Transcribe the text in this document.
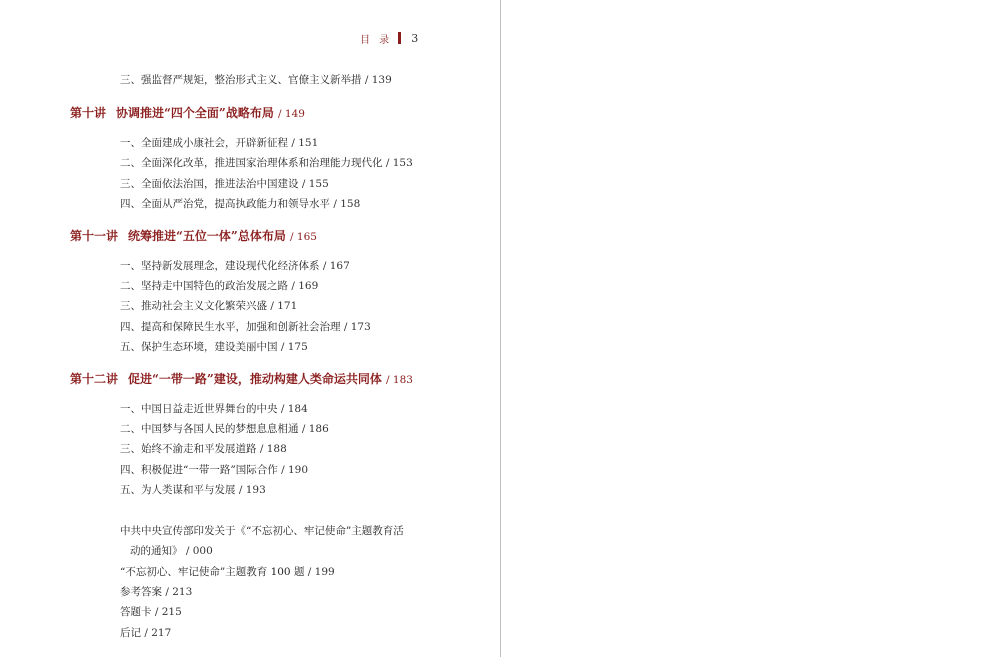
目 录 3
三、强监督严规矩，整治形式主义、官僚主义新举措 / 139
第十讲 协调推进“四个全面”战略布局 / 149
一、全面建成小康社会，开辟新征程 / 151
二、全面深化改革，推进国家治理体系和治理能力现代化 / 153
三、全面依法治国，推进法治中国建设 / 155
四、全面从严治党，提高执政能力和领导水平 / 158
第十一讲 统筹推进“五位一体”总体布局 / 165
一、坚持新发展理念，建设现代化经济体系 / 167
二、坚持走中国特色的政治发展之路 / 169
三、推动社会主义文化繁荣兴盛 / 171
四、提高和保障民生水平，加强和创新社会治理 / 173
五、保护生态环境，建设美丽中国 / 175
第十二讲 促进“一带一路”建设，推动构建人类命运共同体 / 183
一、中国日益走近世界舞台的中央 / 184
二、中国梦与各国人民的梦想息息相通 / 186
三、始终不渝走和平发展道路 / 188
四、积极促进“一带一路”国际合作 / 190
五、为人类谋和平与发展 / 193
中共中央宣传部印发关于《“不忘初心、牢记使命”主题教育活
动的通知》 / 000
“不忘初心、牢记使命”主题教育 100 题 / 199
参考答案 / 213
答题卡 / 215
后记 / 217
